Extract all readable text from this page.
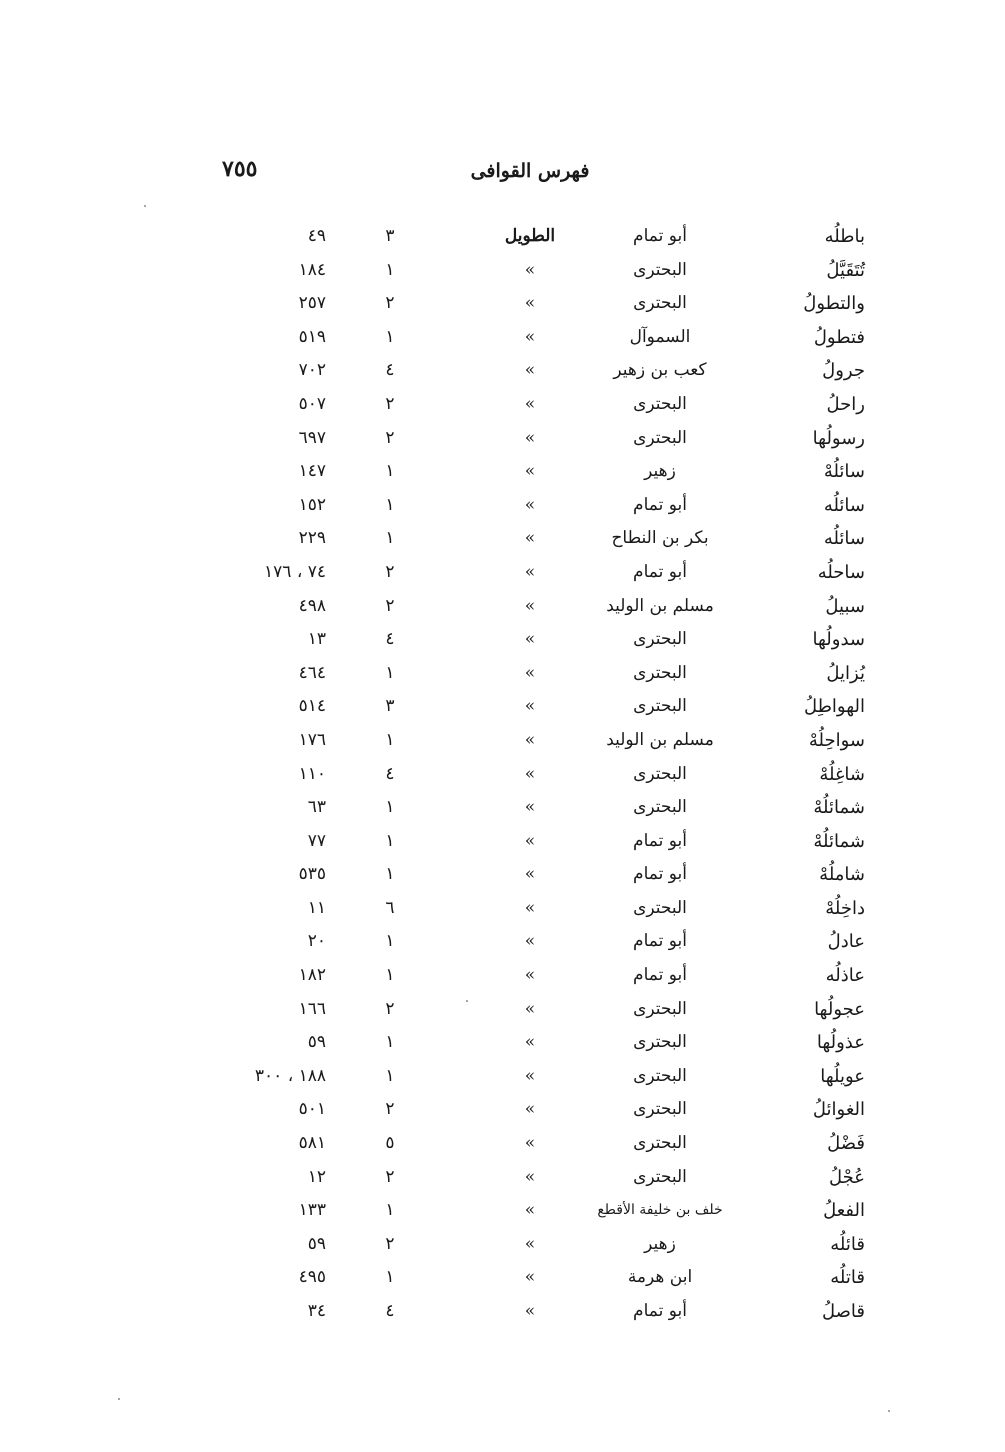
٧٥٥	فهرس القوافى
باطلُه
أبو تمام
الطويل
٣
٤٩
تُتَقَيَّلُ
البحترى
»
١
١٨٤
والتطولُ
البحترى
»
٢
٢٥٧
فتطولُ
السموآل
»
١
٥١٩
جرولُ
كعب بن زهير
»
٤
٧٠٢
راحلُ
البحترى
»
٢
٥٠٧
رسولُها
البحترى
»
٢
٦٩٧
سائلُهْ
زهير
»
١
١٤٧
سائلُه
أبو تمام
»
١
١٥٢
سائلُه
بكر بن النطاح
»
١
٢٢٩
ساحلُه
أبو تمام
»
٢
٧٤ ، ١٧٦
سبيلُ
مسلم بن الوليد
»
٢
٤٩٨
سدولُها
البحترى
»
٤
١٣
يُزايلُ
البحترى
»
١
٤٦٤
الهواطِلُ
البحترى
»
٣
٥١٤
سواحِلُهْ
مسلم بن الوليد
»
١
١٧٦
شاغِلُهْ
البحترى
»
٤
١١٠
شمائلُهْ
البحترى
»
١
٦٣
شمائلُهْ
أبو تمام
»
١
٧٧
شاملُهْ
أبو تمام
»
١
٥٣٥
داخِلُهْ
البحترى
»
٦
١١
عادلُ
أبو تمام
»
١
٢٠
عاذلُه
أبو تمام
»
١
١٨٢
عجولُها
البحترى
»
٢
١٦٦
عذولُها
البحترى
»
١
٥٩
عويلُها
البحترى
»
١
١٨٨ ، ٣٠٠
الغوائلُ
البحترى
»
٢
٥٠١
فَضْلُ
البحترى
»
٥
٥٨١
عُجْلُ
البحترى
»
٢
١٢
الفعلُ
خلف بن خليفة الأقطع
»
١
١٣٣
قائلُه
زهير
»
٢
٥٩
قاتلُه
ابن هرمة
»
١
٤٩٥
قاصلُ
أبو تمام
»
٤
٣٤
